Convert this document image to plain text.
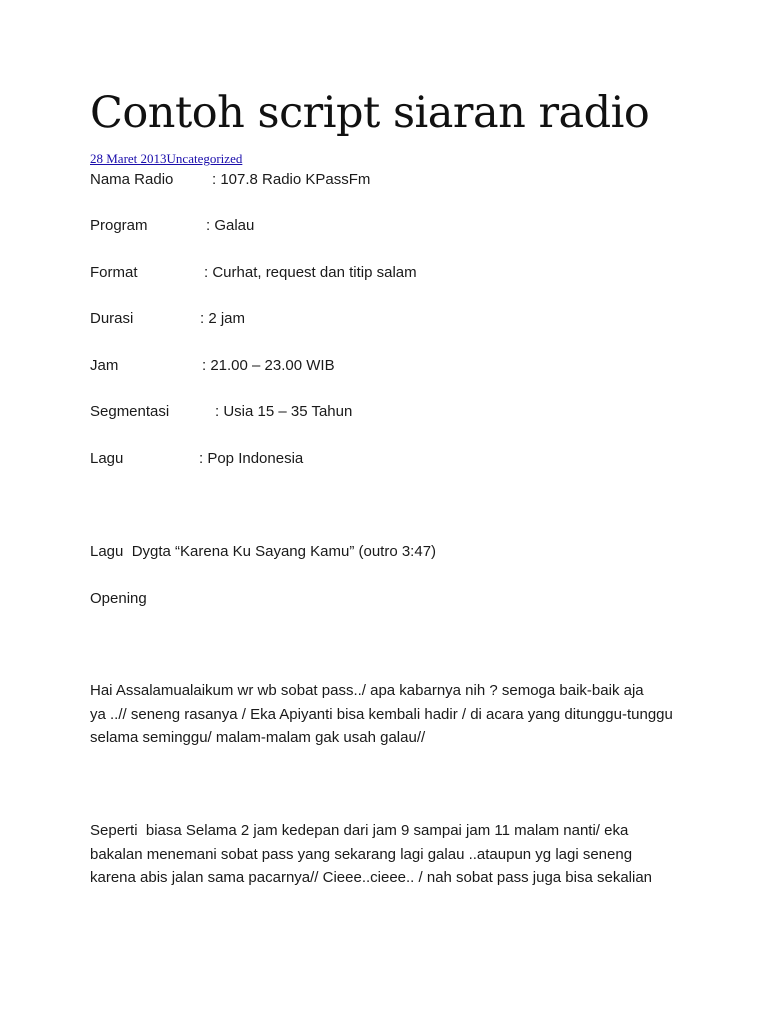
Contoh script siaran radio
28 Maret 2013Uncategorized
Nama Radio	: 107.8 Radio KPassFm
Program	: Galau
Format	: Curhat, request dan titip salam
Durasi	: 2 jam
Jam	: 21.00 – 23.00 WIB
Segmentasi	: Usia 15 – 35 Tahun
Lagu	: Pop Indonesia
Lagu  Dygta “Karena Ku Sayang Kamu” (outro 3:47)
Opening
Hai Assalamualaikum wr wb sobat pass../ apa kabarnya nih ? semoga baik-baik aja
ya ..// seneng rasanya / Eka Apiyanti bisa kembali hadir / di acara yang ditunggu-tunggu
selama seminggu/ malam-malam gak usah galau//
Seperti  biasa Selama 2 jam kedepan dari jam 9 sampai jam 11 malam nanti/ eka
bakalan menemani sobat pass yang sekarang lagi galau ..ataupun yg lagi seneng
karena abis jalan sama pacarnya// Cieee..cieee.. / nah sobat pass juga bisa sekalian
